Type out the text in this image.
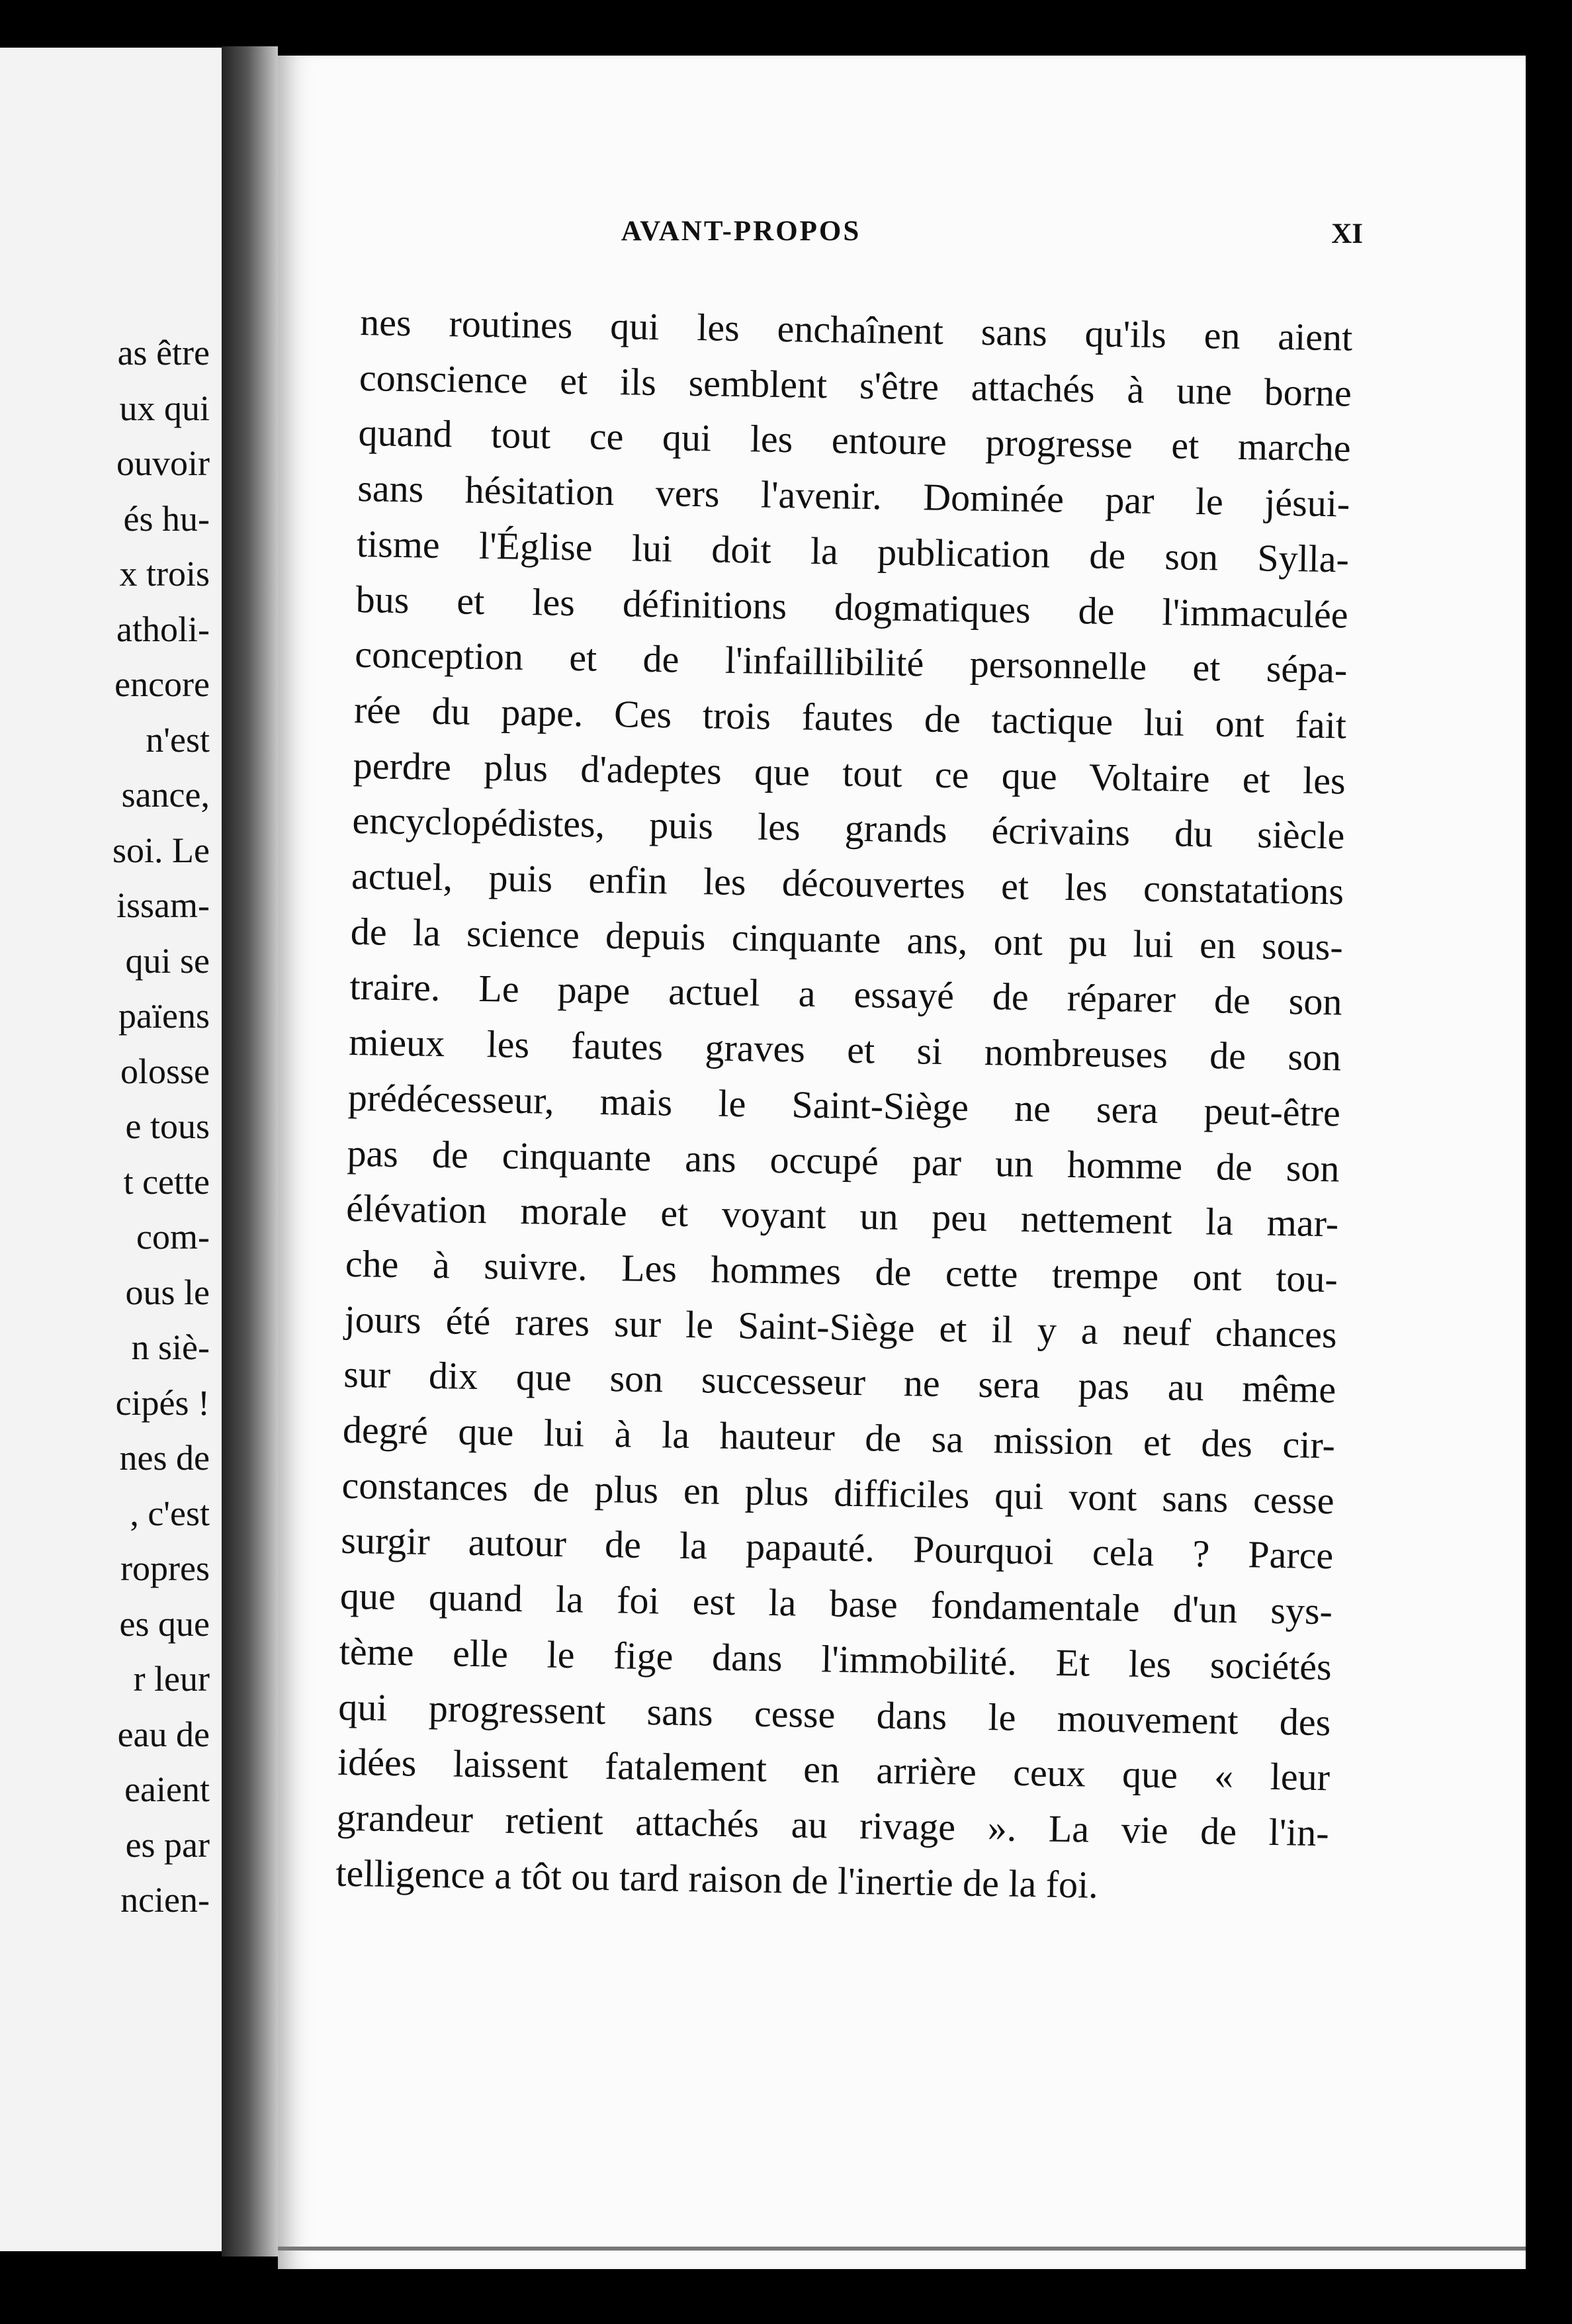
as être
ux qui
ouvoir
és hu-
x trois
atholi-
encore
n'est
sance,
soi. Le
issam-
qui se
païens
olosse
e tous
t cette
com-
ous le
n siè-
cipés !
nes de
, c'est
ropres
es que
r leur
eau de
eaient
es par
ncien-
AVANT-PROPOS	XI
nes routines qui les enchaînent sans qu'ils en aient
conscience et ils semblent s'être attachés à une borne
quand tout ce qui les entoure progresse et marche
sans hésitation vers l'avenir. Dominée par le jésui-
tisme l'Église lui doit la publication de son Sylla-
bus et les définitions dogmatiques de l'immaculée
conception et de l'infaillibilité personnelle et sépa-
rée du pape. Ces trois fautes de tactique lui ont fait
perdre plus d'adeptes que tout ce que Voltaire et les
encyclopédistes, puis les grands écrivains du siècle
actuel, puis enfin les découvertes et les constatations
de la science depuis cinquante ans, ont pu lui en sous-
traire. Le pape actuel a essayé de réparer de son
mieux les fautes graves et si nombreuses de son
prédécesseur, mais le Saint-Siège ne sera peut-être
pas de cinquante ans occupé par un homme de son
élévation morale et voyant un peu nettement la mar-
che à suivre. Les hommes de cette trempe ont tou-
jours été rares sur le Saint-Siège et il y a neuf chances
sur dix que son successeur ne sera pas au même
degré que lui à la hauteur de sa mission et des cir-
constances de plus en plus difficiles qui vont sans cesse
surgir autour de la papauté. Pourquoi cela ? Parce
que quand la foi est la base fondamentale d'un sys-
tème elle le fige dans l'immobilité. Et les sociétés
qui progressent sans cesse dans le mouvement des
idées laissent fatalement en arrière ceux que « leur
grandeur retient attachés au rivage ». La vie de l'in-
telligence a tôt ou tard raison de l'inertie de la foi.
